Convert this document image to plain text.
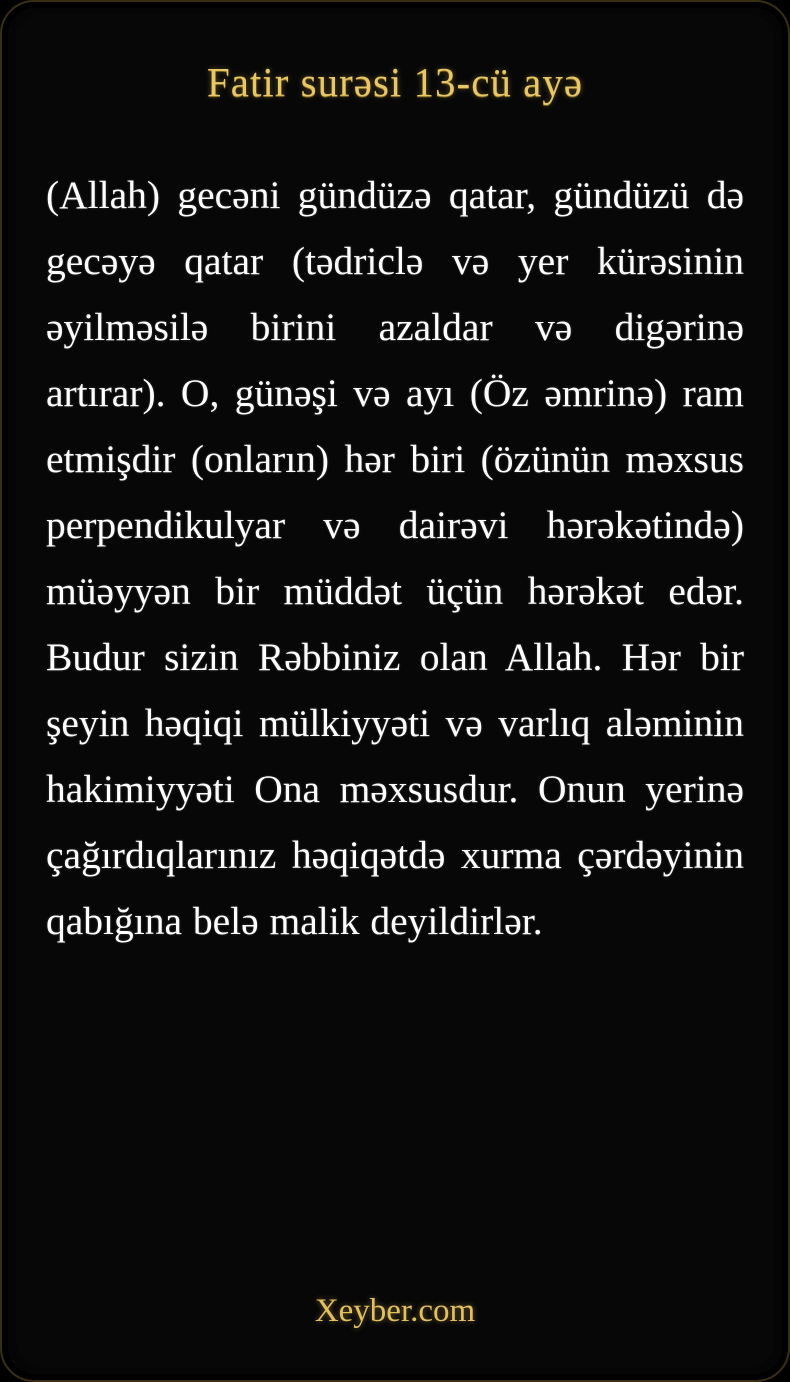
Fatir surəsi 13-cü ayə
(Allah) gecəni gündüzə qatar, gündüzü də gecəyə qatar (tədriclə və yer kürəsinin əyilməsilə birini azaldar və digərinə artırar). O, günəşi və ayı (Öz əmrinə) ram etmişdir (onların) hər biri (özünün məxsus perpendikulyar və dairəvi hərəkətində) müəyyən bir müddət üçün hərəkət edər. Budur sizin Rəbbiniz olan Allah. Hər bir şeyin həqiqi mülkiyyəti və varlıq aləminin hakimiyyəti Ona məxsusdur. Onun yerinə çağırdıqlarınız həqiqətdə xurma çərdəyinin qabığına belə malik deyildirlər.
Xeyber.com
